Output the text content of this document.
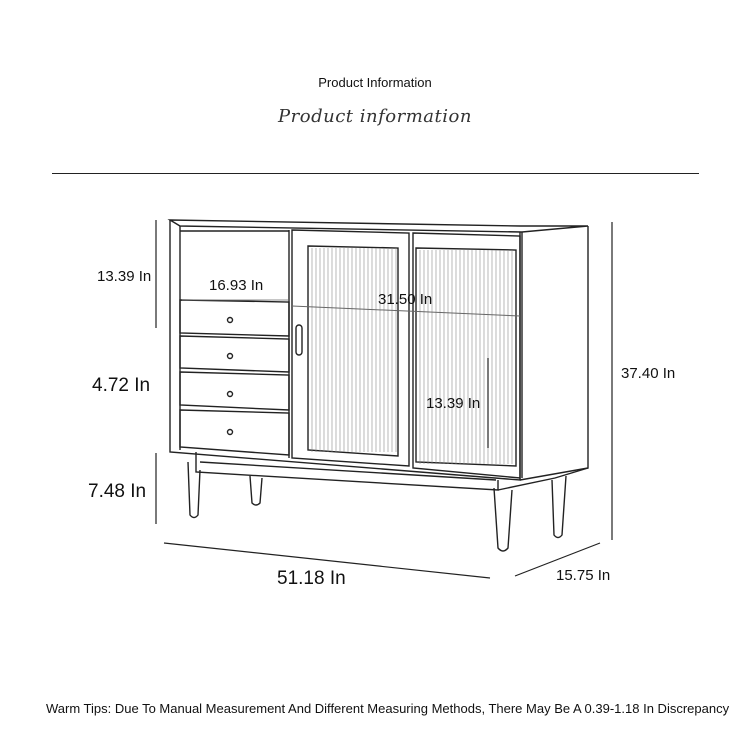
Product Information
Product information
13.39 In
16.93 In
31.50 In
4.72 In
13.39 In
7.48 In
37.40 In
51.18 In	15.75 In
Warm Tips: Due To Manual Measurement And Different Measuring Methods, There May Be A 0.39-1.18 In Discrepancy
